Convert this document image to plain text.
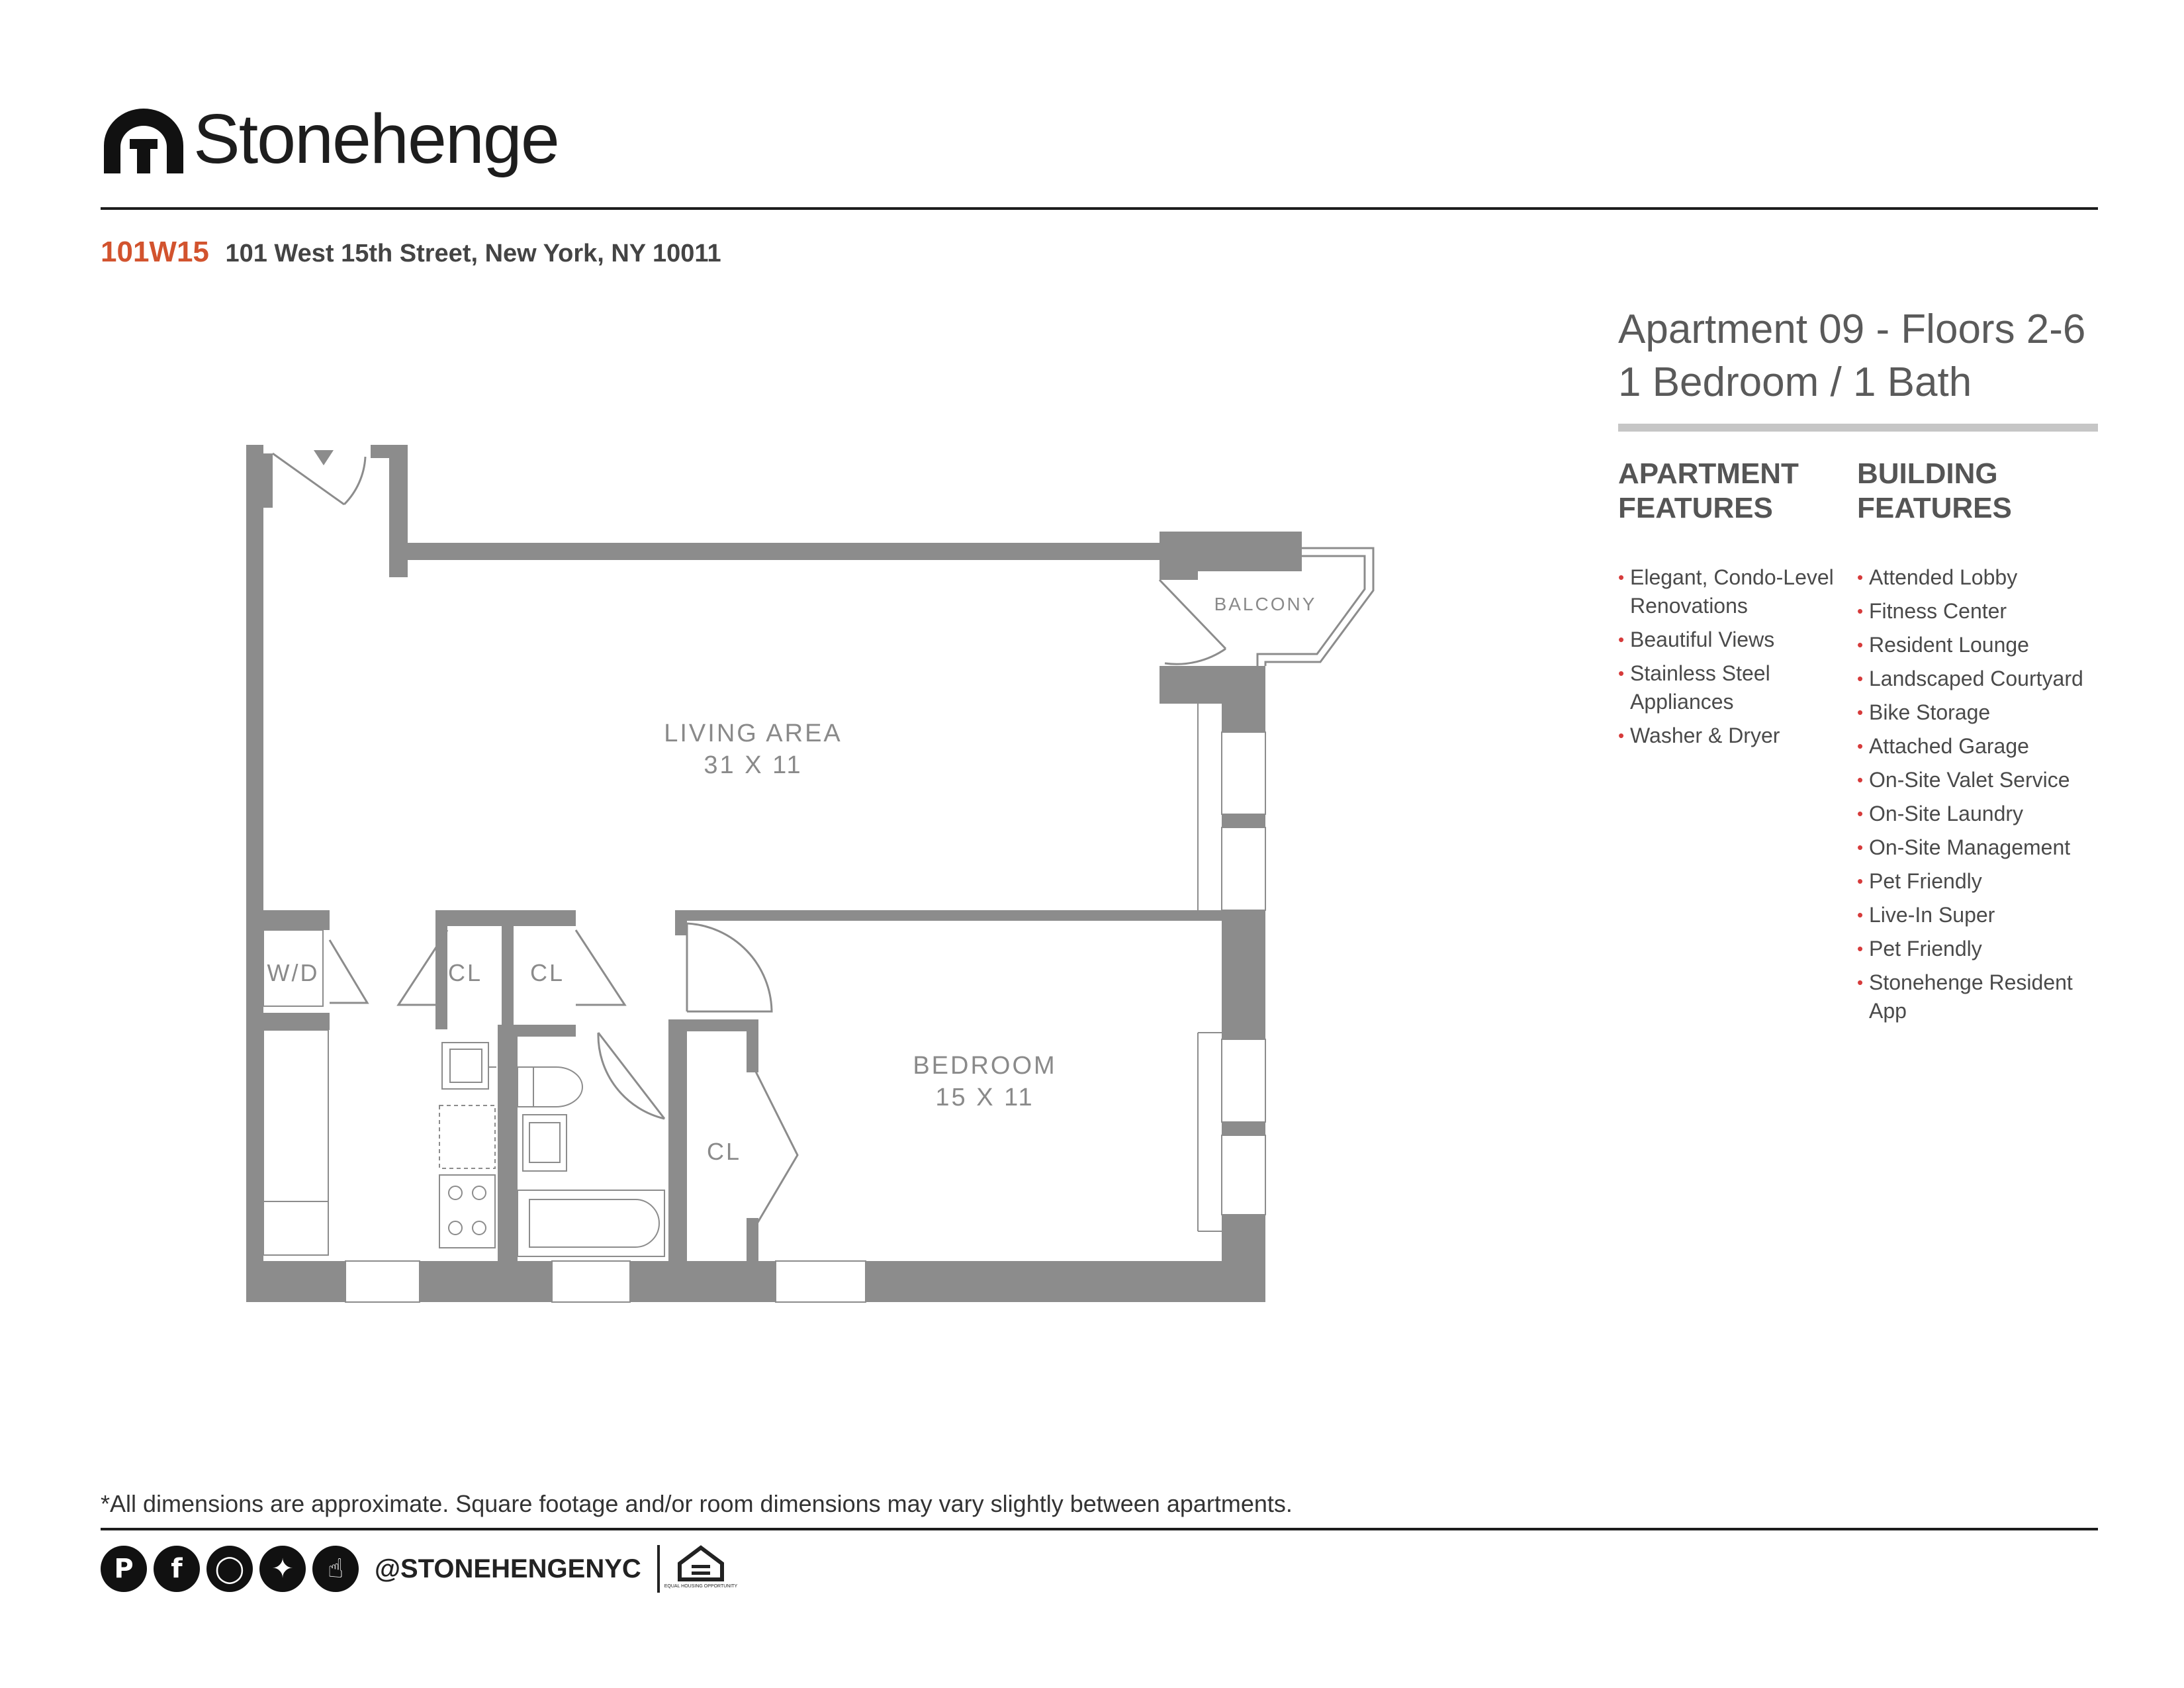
Stonehenge
101W15 101 West 15th Street, New York, NY 10011
Apartment 09 - Floors 2-6
1 Bedroom / 1 Bath
APARTMENT FEATURES
BUILDING FEATURES
• Elegant, Condo-Level Renovations
• Beautiful Views
• Stainless Steel Appliances
• Washer & Dryer
• Attended Lobby
• Fitness Center
• Resident Lounge
• Landscaped Courtyard
• Bike Storage
• Attached Garage
• On-Site Valet Service
• On-Site Laundry
• On-Site Management
• Pet Friendly
• Live-In Super
• Pet Friendly
• Stonehenge Resident App
LIVING AREA
31 X 11
BEDROOM
15 X 11
BALCONY
W/D	CL CL
CL
*All dimensions are approximate. Square footage and/or room dimensions may vary slightly between apartments.
P	f	◯	✦	☝	@STONEHENGENYC
EQUAL HOUSING OPPORTUNITY
